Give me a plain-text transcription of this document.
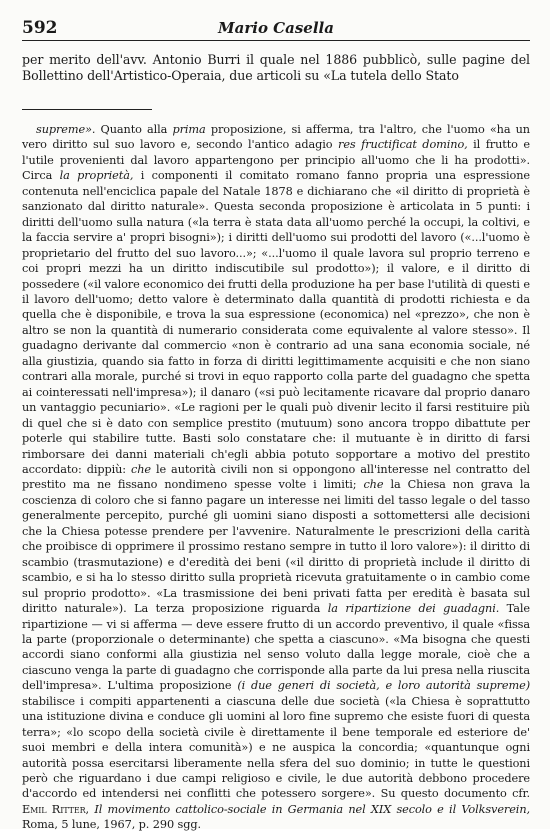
592	Mario Casella

per merito dell'avv. Antonio Burri il quale nel 1886 pubblicò, sulle pagine del Bollettino dell'Artistico-Operaia, due articoli su «La tutela dello Stato

supreme». Quanto alla prima proposizione, si afferma, tra l'altro, che l'uomo «ha un vero diritto sul suo lavoro e, secondo l'antico adagio res fructificat domino, il frutto e l'utile provenienti dal lavoro appartengono per principio all'uomo che li ha prodotti». Circa la proprietà, i componenti il comitato romano fanno propria una espressione contenuta nell'enciclica papale del Natale 1878 e dichiarano che «il diritto di proprietà è sanzionato dal diritto naturale». Questa seconda proposizione è articolata in 5 punti: i diritti dell'uomo sulla natura («la terra è stata data all'uomo perché la occupi, la coltivi, e la faccia servire a' propri bisogni»); i diritti dell'uomo sui prodotti del lavoro («...l'uomo è proprietario del frutto del suo lavoro...»; «...l'uomo il quale lavora sul proprio terreno e coi propri mezzi ha un diritto indiscutibile sul prodotto»); il valore, e il diritto di possedere («il valore economico dei frutti della produzione ha per base l'utilità di questi e il lavoro dell'uomo; detto valore è determinato dalla quantità di prodotti richiesta e da quella che è disponibile, e trova la sua espressione (economica) nel «prezzo», che non è altro se non la quantità di numerario considerata come equivalente al valore stesso». Il guadagno derivante dal commercio «non è contrario ad una sana economia sociale, né alla giustizia, quando sia fatto in forza di diritti legittimamente acquisiti e che non siano contrari alla morale, purché si trovi in equo rapporto colla parte del guadagno che spetta ai cointeressati nell'impresa»); il danaro («si può lecitamente ricavare dal proprio danaro un vantaggio pecuniario». «Le ragioni per le quali può divenir lecito il farsi restituire più di quel che si è dato con semplice prestito (mutuum) sono ancora troppo dibattute per poterle qui stabilire tutte. Basti solo constatare che: il mutuante è in diritto di farsi rimborsare dei danni materiali ch'egli abbia potuto sopportare a motivo del prestito accordato: dippiù: che le autorità civili non si oppongono all'interesse nel contratto del prestito ma ne fissano nondimeno spesse volte i limiti; che la Chiesa non grava la coscienza di coloro che si fanno pagare un interesse nei limiti del tasso legale o del tasso generalmente percepito, purché gli uomini siano disposti a sottomettersi alle decisioni che la Chiesa potesse prendere per l'avvenire. Naturalmente le prescrizioni della carità che proibisce di opprimere il prossimo restano sempre in tutto il loro valore»): il diritto di scambio (trasmutazione) e d'eredità dei beni («il diritto di proprietà include il diritto di scambio, e si ha lo stesso diritto sulla proprietà ricevuta gratuitamente o in cambio come sul proprio prodotto». «La trasmissione dei beni privati fatta per eredità è basata sul diritto naturale»). La terza proposizione riguarda la ripartizione dei guadagni. Tale ripartizione — vi si afferma — deve essere frutto di un accordo preventivo, il quale «fissa la parte (proporzionale o determinante) che spetta a ciascuno». «Ma bisogna che questi accordi siano conformi alla giustizia nel senso voluto dalla legge morale, cioè che a ciascuno venga la parte di guadagno che corrisponde alla parte da lui presa nella riuscita dell'impresa». L'ultima proposizione (i due generi di società, e loro autorità supreme) stabilisce i compiti appartenenti a ciascuna delle due società («la Chiesa è soprattutto una istituzione divina e conduce gli uomini al loro fine supremo che esiste fuori di questa terra»; «lo scopo della società civile è direttamente il bene temporale ed esteriore de' suoi membri e della intera comunità») e ne auspica la concordia; «quantunque ogni autorità possa esercitarsi liberamente nella sfera del suo dominio; in tutte le questioni però che riguardano i due campi religioso e civile, le due autorità debbono procedere d'accordo ed intendersi nei conflitti che potessero sorgere». Su questo documento cfr. Emil Ritter, Il movimento cattolico-sociale in Germania nel XIX secolo e il Volksverein, Roma, 5 lune, 1967, p. 290 sgg.
